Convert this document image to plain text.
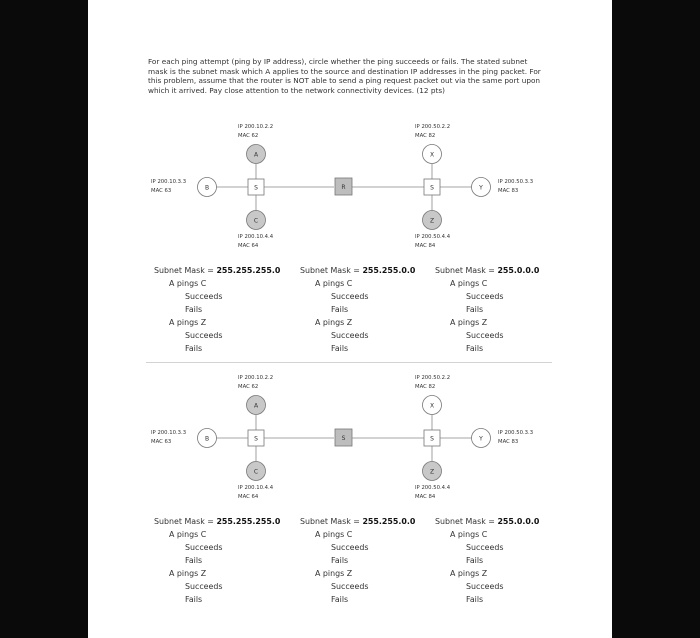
For each ping attempt (ping by IP address), circle whether the ping succeeds or fails. The stated subnet mask is the subnet mask which A applies to the source and destination IP addresses in the ping packet. For this problem, assume that the router is NOT able to send a ping request packet out via the same port upon which it arrived. Pay close attention to the network connectivity devices. (12 pts)

A
B	S
C
R
X
S	Y
Z
IP 200.10.2.2
MAC 62
IP 200.10.3.3
MAC 63
IP 200.10.4.4
MAC 64
IP 200.50.2.2
MAC 82
IP 200.50.3.3
MAC 83
IP 200.50.4.4
MAC 84
Subnet Mask = 255.255.255.0
A pings C
Succeeds
Fails
A pings Z
Succeeds
Fails
Subnet Mask = 255.255.0.0
A pings C
Succeeds
Fails
A pings Z
Succeeds
Fails
Subnet Mask = 255.0.0.0
A pings C
Succeeds
Fails
A pings Z
Succeeds
Fails
A
B	S
C
S
X
S	Y
Z
IP 200.10.2.2
MAC 62
IP 200.10.3.3
MAC 63
IP 200.10.4.4
MAC 64
IP 200.50.2.2
MAC 82
IP 200.50.3.3
MAC 83
IP 200.50.4.4
MAC 84
Subnet Mask = 255.255.255.0
A pings C
Succeeds
Fails
A pings Z
Succeeds
Fails
Subnet Mask = 255.255.0.0
A pings C
Succeeds
Fails
A pings Z
Succeeds
Fails
Subnet Mask = 255.0.0.0
A pings C
Succeeds
Fails
A pings Z
Succeeds
Fails
